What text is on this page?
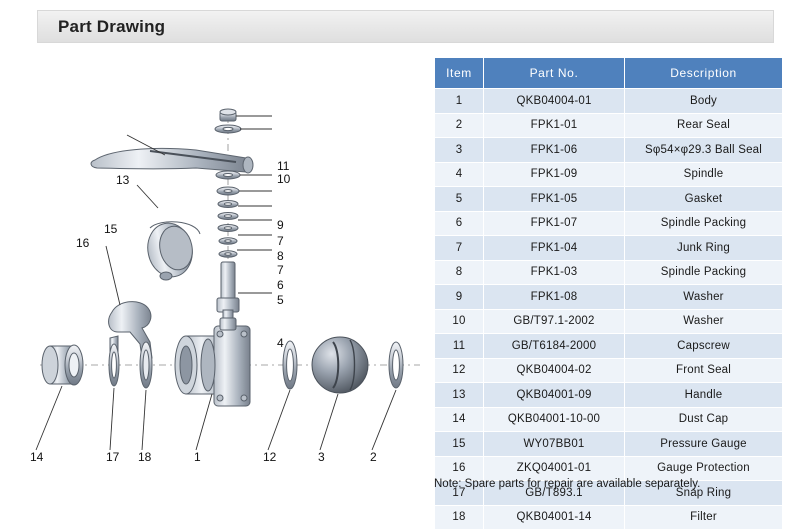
Part Drawing
13
11
10
15	9
7
8
7
6
5
16
4
14	17 18	1	12	3	2
Item	Part No.	Description
1	QKB04004-01	Body
2	FPK1-01	Rear Seal
3	FPK1-06	Sφ54×φ29.3 Ball Seal
4	FPK1-09	Spindle
5	FPK1-05	Gasket
6	FPK1-07	Spindle Packing
7	FPK1-04	Junk Ring
8	FPK1-03	Spindle Packing
9	FPK1-08	Washer
10	GB/T97.1-2002	Washer
11	GB/T6184-2000	Capscrew
12	QKB04004-02	Front Seal
13	QKB04001-09	Handle
14	QKB04001-10-00	Dust Cap
15	WY07BB01	Pressure Gauge
16	ZKQ04001-01	Gauge Protection
17	GB/T893.1	Snap Ring
18	QKB04001-14	Filter
Note: Spare parts for repair are available separately.
